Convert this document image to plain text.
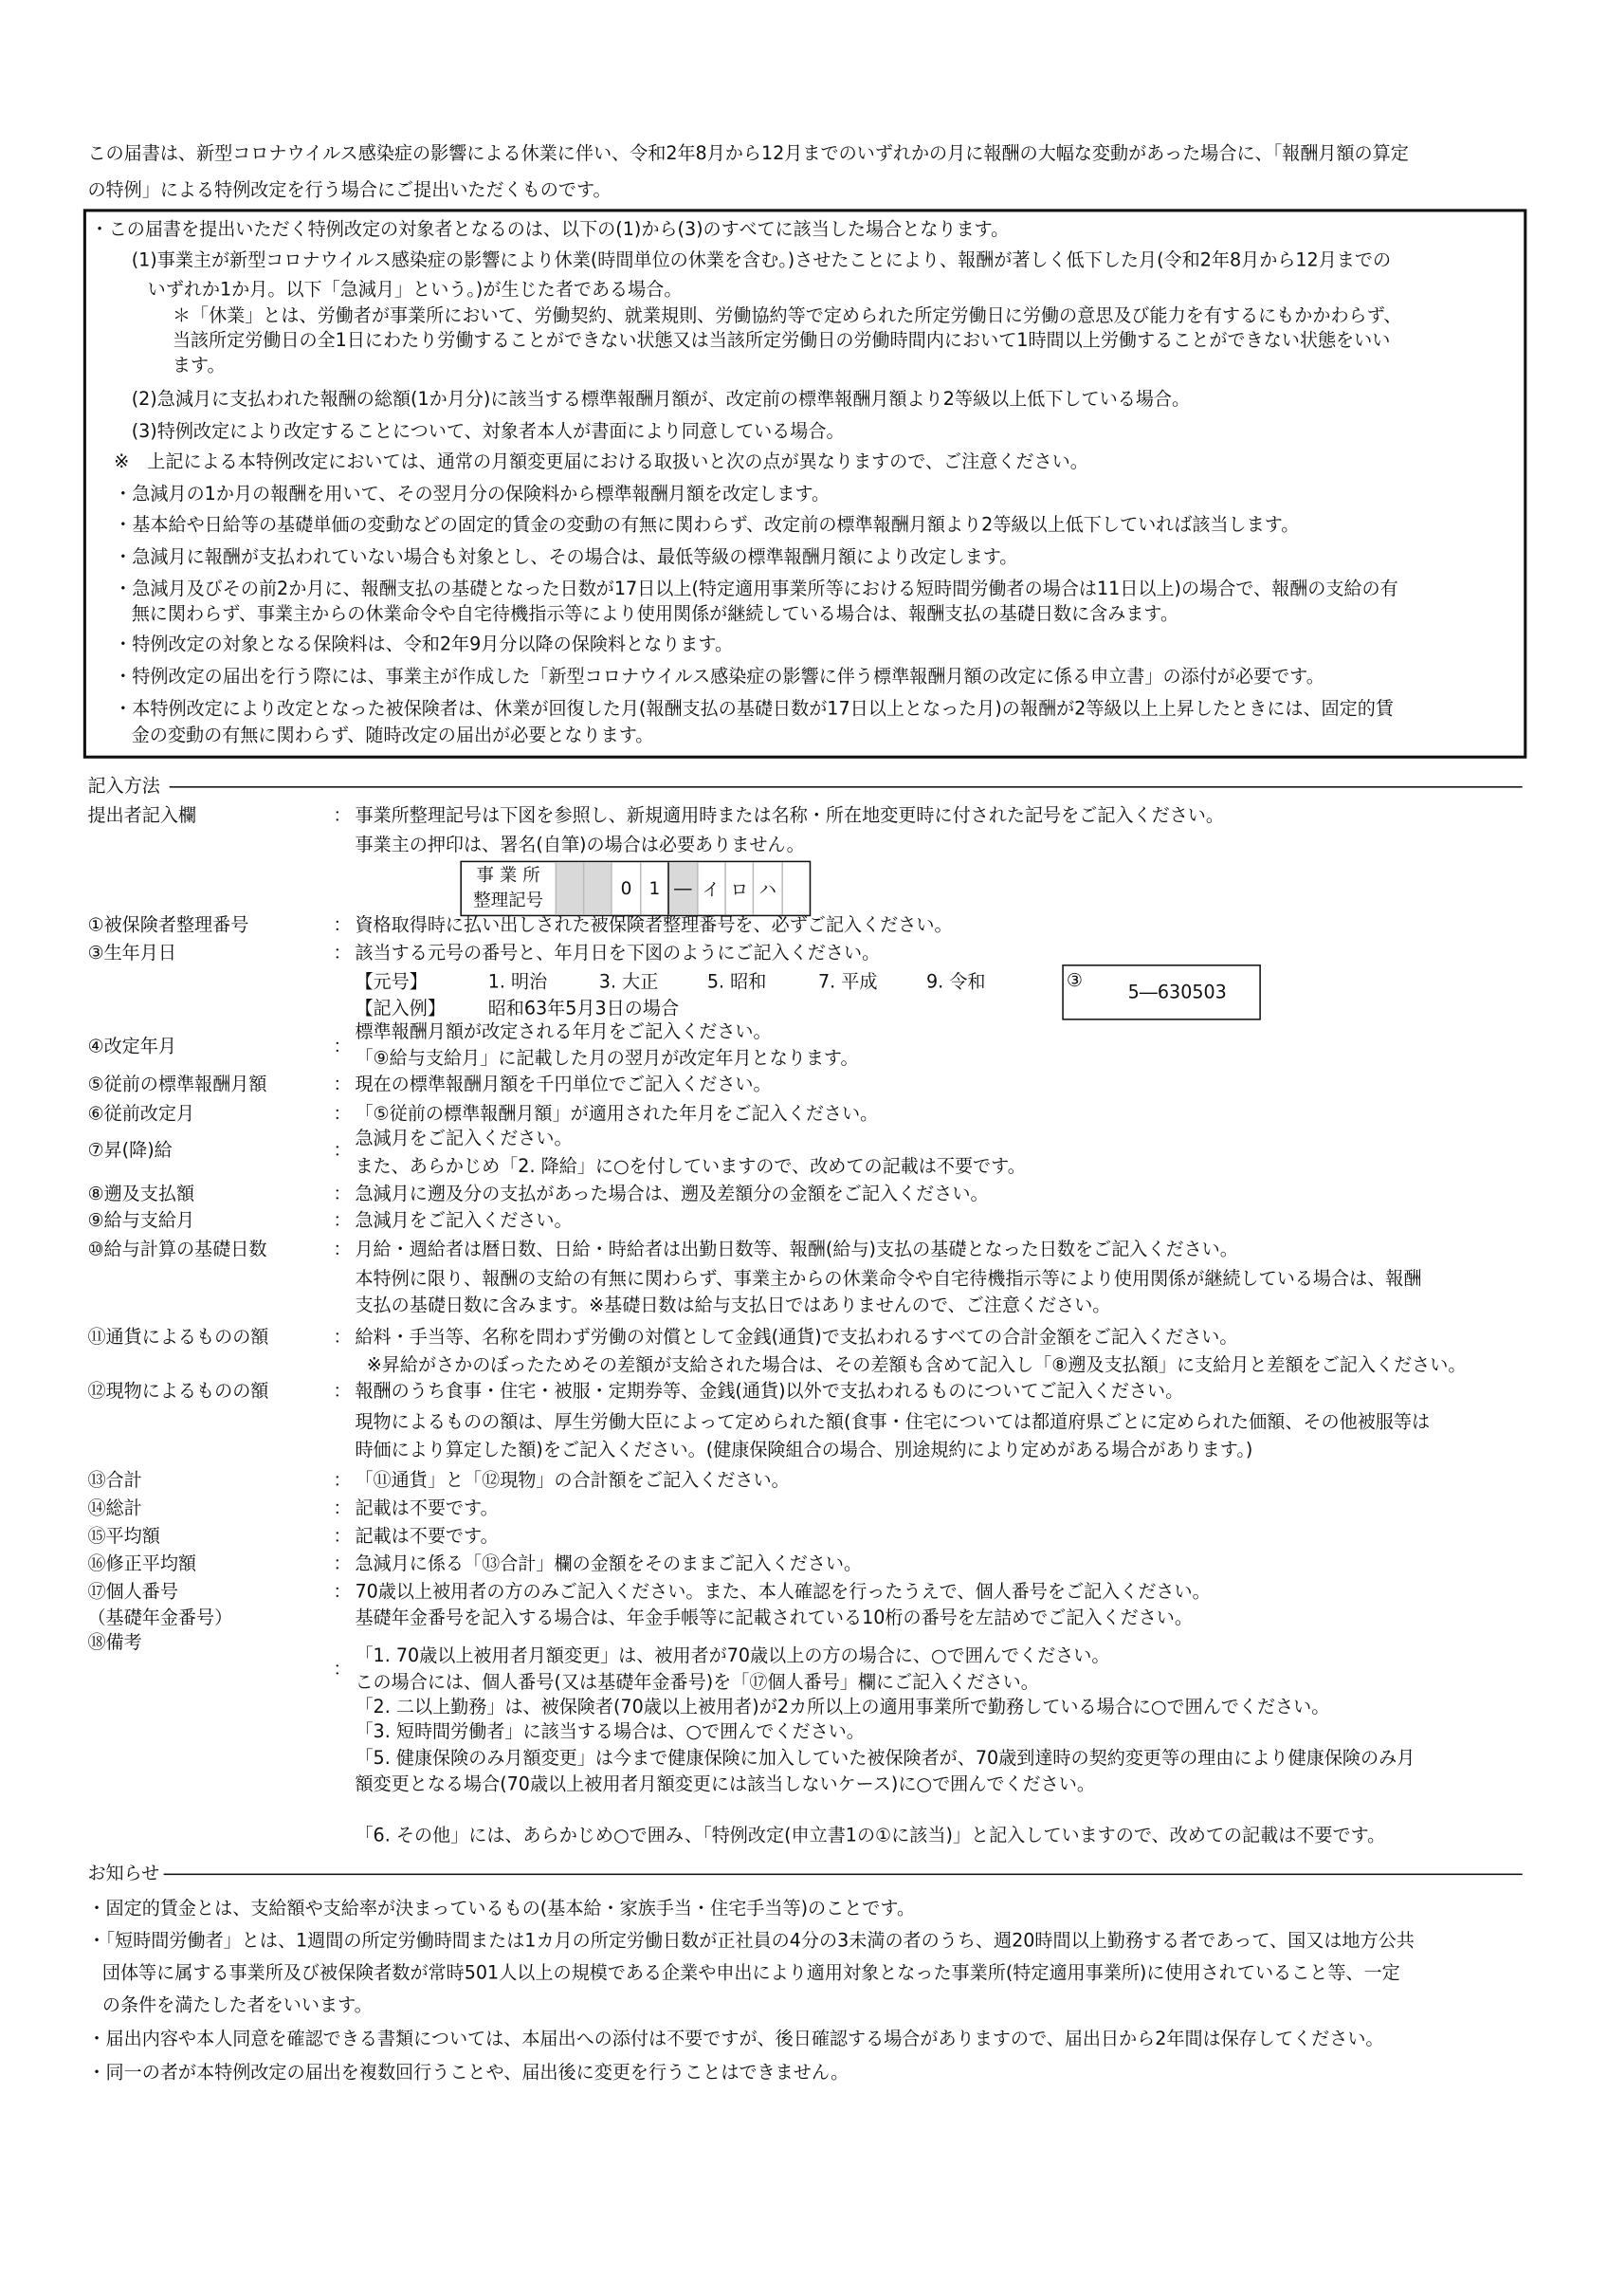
この届書は、新型コロナウイルス感染症の影響による休業に伴い、令和2年8月から12月までのいずれかの月に報酬の大幅な変動があった場合に、「報酬月額の算定
の特例」による特例改定を行う場合にご提出いただくものです。
・この届書を提出いただく特例改定の対象者となるのは、以下の(1)から(3)のすべてに該当した場合となります。
(1)事業主が新型コロナウイルス感染症の影響により休業(時間単位の休業を含む。)させたことにより、報酬が著しく低下した月(令和2年8月から12月までの
いずれか1か月。以下「急減月」という。)が生じた者である場合。
＊「休業」とは、労働者が事業所において、労働契約、就業規則、労働協約等で定められた所定労働日に労働の意思及び能力を有するにもかかわらず、
当該所定労働日の全1日にわたり労働することができない状態又は当該所定労働日の労働時間内において1時間以上労働することができない状態をいい
ます。
(2)急減月に支払われた報酬の総額(1か月分)に該当する標準報酬月額が、改定前の標準報酬月額より2等級以上低下している場合。
(3)特例改定により改定することについて、対象者本人が書面により同意している場合。
※　上記による本特例改定においては、通常の月額変更届における取扱いと次の点が異なりますので、ご注意ください。
・急減月の1か月の報酬を用いて、その翌月分の保険料から標準報酬月額を改定します。
・基本給や日給等の基礎単価の変動などの固定的賃金の変動の有無に関わらず、改定前の標準報酬月額より2等級以上低下していれば該当します。
・急減月に報酬が支払われていない場合も対象とし、その場合は、最低等級の標準報酬月額により改定します。
・急減月及びその前2か月に、報酬支払の基礎となった日数が17日以上(特定適用事業所等における短時間労働者の場合は11日以上)の場合で、報酬の支給の有
無に関わらず、事業主からの休業命令や自宅待機指示等により使用関係が継続している場合は、報酬支払の基礎日数に含みます。
・特例改定の対象となる保険料は、令和2年9月分以降の保険料となります。
・特例改定の届出を行う際には、事業主が作成した「新型コロナウイルス感染症の影響に伴う標準報酬月額の改定に係る申立書」の添付が必要です。
・本特例改定により改定となった被保険者は、休業が回復した月(報酬支払の基礎日数が17日以上となった月)の報酬が2等級以上上昇したときには、固定的賃
金の変動の有無に関わらず、随時改定の届出が必要となります。
記入方法
提出者記入欄	： 事業所整理記号は下図を参照し、新規適用時または名称・所在地変更時に付された記号をご記入ください。
事業主の押印は、署名(自筆)の場合は必要ありません。
事 業 所
整理記号
0	1	― イ ロ ハ
①被保険者整理番号	： 資格取得時に払い出しされた被保険者整理番号を、必ずご記入ください。
③生年月日	： 該当する元号の番号と、年月日を下図のようにご記入ください。
【元号】	1. 明治	3. 大正	5. 昭和	7. 平成	9. 令和
【記入例】	昭和63年5月3日の場合
③
5―630503
④改定年月	：
標準報酬月額が改定される年月をご記入ください。
「⑨給与支給月」に記載した月の翌月が改定年月となります。
⑤従前の標準報酬月額	： 現在の標準報酬月額を千円単位でご記入ください。
⑥従前改定月	： 「⑤従前の標準報酬月額」が適用された年月をご記入ください。
⑦昇(降)給	：
急減月をご記入ください。
また、あらかじめ「2. 降給」に○を付していますので、改めての記載は不要です。
⑧遡及支払額	： 急減月に遡及分の支払があった場合は、遡及差額分の金額をご記入ください。
⑨給与支給月	： 急減月をご記入ください。
⑩給与計算の基礎日数	： 月給・週給者は暦日数、日給・時給者は出勤日数等、報酬(給与)支払の基礎となった日数をご記入ください。
本特例に限り、報酬の支給の有無に関わらず、事業主からの休業命令や自宅待機指示等により使用関係が継続している場合は、報酬
支払の基礎日数に含みます。※基礎日数は給与支払日ではありませんので、ご注意ください。
⑪通貨によるものの額	： 給料・手当等、名称を問わず労働の対償として金銭(通貨)で支払われるすべての合計金額をご記入ください。
※昇給がさかのぼったためその差額が支給された場合は、その差額も含めて記入し「⑧遡及支払額」に支給月と差額をご記入ください。
⑫現物によるものの額	： 報酬のうち食事・住宅・被服・定期券等、金銭(通貨)以外で支払われるものについてご記入ください。
現物によるものの額は、厚生労働大臣によって定められた額(食事・住宅については都道府県ごとに定められた価額、その他被服等は
時価により算定した額)をご記入ください。(健康保険組合の場合、別途規約により定めがある場合があります。)
⑬合計	： 「⑪通貨」と「⑫現物」の合計額をご記入ください。
⑭総計	： 記載は不要です。
⑮平均額	： 記載は不要です。
⑯修正平均額	： 急減月に係る「⑬合計」欄の金額をそのままご記入ください。
⑰個人番号
（基礎年金番号）
： 70歳以上被用者の方のみご記入ください。また、本人確認を行ったうえで、個人番号をご記入ください。
基礎年金番号を記入する場合は、年金手帳等に記載されている10桁の番号を左詰めでご記入ください。
⑱備考
：
「1. 70歳以上被用者月額変更」は、被用者が70歳以上の方の場合に、○で囲んでください。
この場合には、個人番号(又は基礎年金番号)を「⑰個人番号」欄にご記入ください。
「2. 二以上勤務」は、被保険者(70歳以上被用者)が2カ所以上の適用事業所で勤務している場合に○で囲んでください。
「3. 短時間労働者」に該当する場合は、○で囲んでください。
「5. 健康保険のみ月額変更」は今まで健康保険に加入していた被保険者が、70歳到達時の契約変更等の理由により健康保険のみ月
額変更となる場合(70歳以上被用者月額変更には該当しないケース)に○で囲んでください。
「6. その他」には、あらかじめ○で囲み、「特例改定(申立書1の①に該当)」と記入していますので、改めての記載は不要です。
お知らせ
・固定的賃金とは、支給額や支給率が決まっているもの(基本給・家族手当・住宅手当等)のことです。
・「短時間労働者」とは、1週間の所定労働時間または1カ月の所定労働日数が正社員の4分の3未満の者のうち、週20時間以上勤務する者であって、国又は地方公共
団体等に属する事業所及び被保険者数が常時501人以上の規模である企業や申出により適用対象となった事業所(特定適用事業所)に使用されていること等、一定
の条件を満たした者をいいます。
・届出内容や本人同意を確認できる書類については、本届出への添付は不要ですが、後日確認する場合がありますので、届出日から2年間は保存してください。
・同一の者が本特例改定の届出を複数回行うことや、届出後に変更を行うことはできません。
